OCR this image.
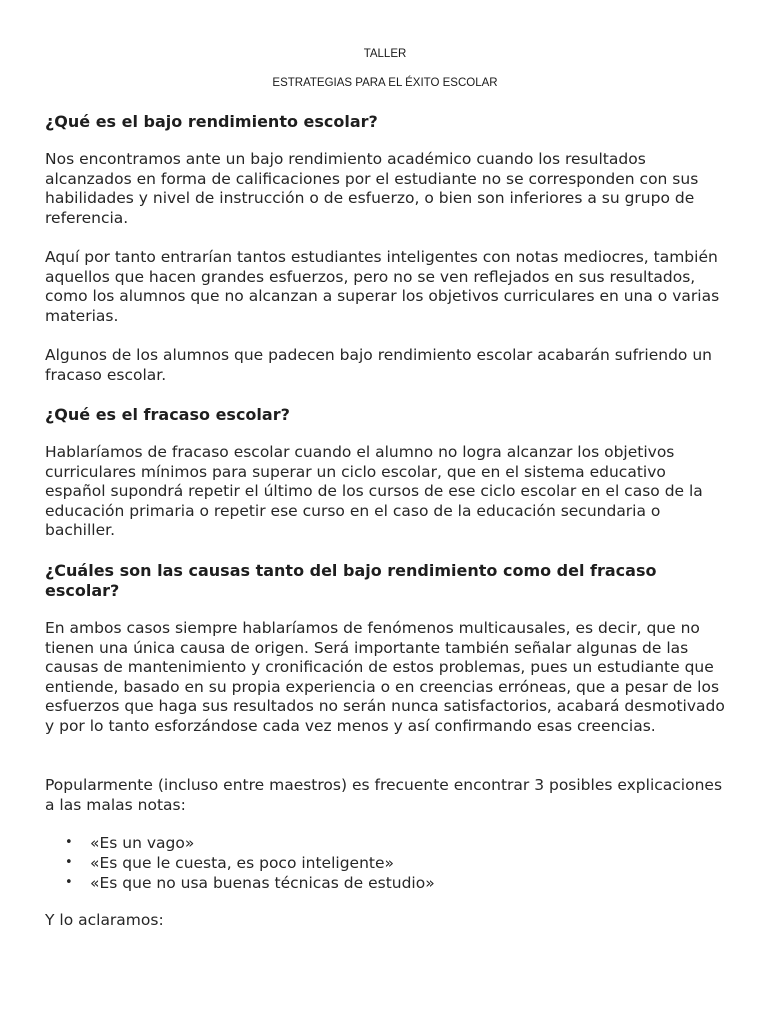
TALLER
ESTRATEGIAS PARA EL ÉXITO ESCOLAR
¿Qué es el bajo rendimiento escolar?

Nos encontramos ante un bajo rendimiento académico cuando los resultados alcanzados en forma de calificaciones por el estudiante no se corresponden con sus habilidades y nivel de instrucción o de esfuerzo, o bien son inferiores a su grupo de referencia.

Aquí por tanto entrarían tantos estudiantes inteligentes con notas mediocres, también aquellos que hacen grandes esfuerzos, pero no se ven reflejados en sus resultados, como los alumnos que no alcanzan a superar los objetivos curriculares en una o varias materias.

Algunos de los alumnos que padecen bajo rendimiento escolar acabarán sufriendo un fracaso escolar.

¿Qué es el fracaso escolar?

Hablaríamos de fracaso escolar cuando el alumno no logra alcanzar los objetivos curriculares mínimos para superar un ciclo escolar, que en el sistema educativo español supondrá repetir el último de los cursos de ese ciclo escolar en el caso de la educación primaria o repetir ese curso en el caso de la educación secundaria o bachiller.

¿Cuáles son las causas tanto del bajo rendimiento como del fracaso escolar?

En ambos casos siempre hablaríamos de fenómenos multicausales, es decir, que no tienen una única causa de origen. Será importante también señalar algunas de las causas de mantenimiento y cronificación de estos problemas, pues un estudiante que entiende, basado en su propia experiencia o en creencias erróneas, que a pesar de los esfuerzos que haga sus resultados no serán nunca satisfactorios, acabará desmotivado y por lo tanto esforzándose cada vez menos y así confirmando esas creencias.

Popularmente (incluso entre maestros) es frecuente encontrar 3 posibles explicaciones a las malas notas:

• «Es un vago»
• «Es que le cuesta, es poco inteligente»
• «Es que no usa buenas técnicas de estudio»

Y lo aclaramos:
